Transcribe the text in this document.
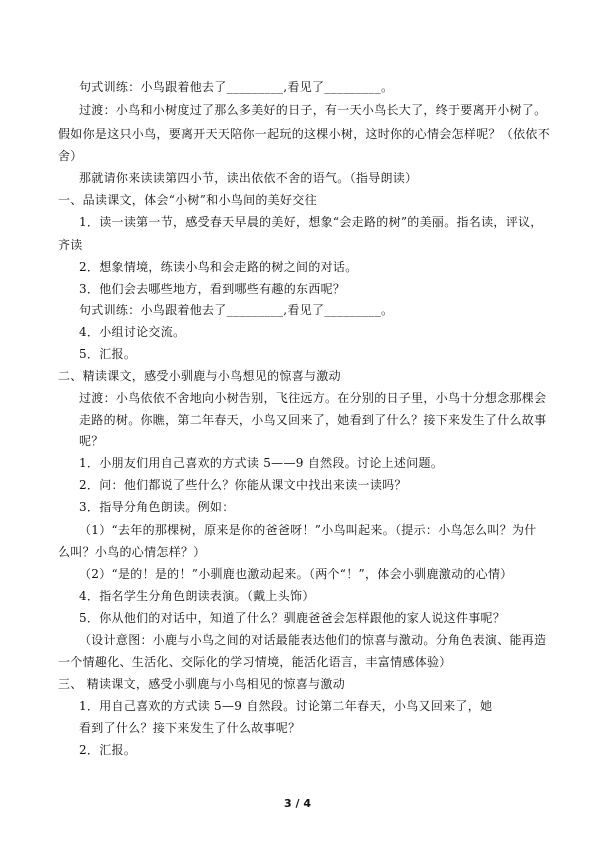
句式训练：小鸟跟着他去了_________,看见了_________。
过渡：小鸟和小树度过了那么多美好的日子，有一天小鸟长大了，终于要离开小树了。
假如你是这只小鸟，要离开天天陪你一起玩的这棵小树，这时你的心情会怎样呢？（依依不
舍）
那就请你来读读第四小节，读出依依不舍的语气。（指导朗读）
一、品读课文，体会“小树”和小鸟间的美好交往
1．读一读第一节，感受春天早晨的美好，想象“会走路的树”的美丽。指名读，评议，
齐读
2．想象情境，练读小鸟和会走路的树之间的对话。
3．他们会去哪些地方，看到哪些有趣的东西呢？
句式训练：小鸟跟着他去了_________,看见了_________。
4．小组讨论交流。
5．汇报。
二、精读课文，感受小驯鹿与小鸟想见的惊喜与激动
过渡：小鸟依依不舍地向小树告别，飞往远方。在分别的日子里，小鸟十分想念那棵会
走路的树。你瞧，第二年春天，小鸟又回来了，她看到了什么？接下来发生了什么故事
呢？
1．小朋友们用自己喜欢的方式读 5——9 自然段。讨论上述问题。
2．问：他们都说了些什么？你能从课文中找出来读一读吗？
3．指导分角色朗读。例如：
（1）“去年的那棵树，原来是你的爸爸呀！”小鸟叫起来。（提示：小鸟怎么叫？为什
么叫？小鸟的心情怎样？）
（2）“是的！是的！”小驯鹿也激动起来。（两个“！”，体会小驯鹿激动的心情）
4．指名学生分角色朗读表演。（戴上头饰）
5．你从他们的对话中，知道了什么？驯鹿爸爸会怎样跟他的家人说这件事呢？
（设计意图：小鹿与小鸟之间的对话最能表达他们的惊喜与激动。分角色表演、能再造
一个情趣化、生活化、交际化的学习情境，能活化语言，丰富情感体验）
三、 精读课文，感受小驯鹿与小鸟相见的惊喜与激动
1．用自己喜欢的方式读 5—9 自然段。讨论第二年春天，小鸟又回来了，她
看到了什么？接下来发生了什么故事呢？
2．汇报。
3 / 4
